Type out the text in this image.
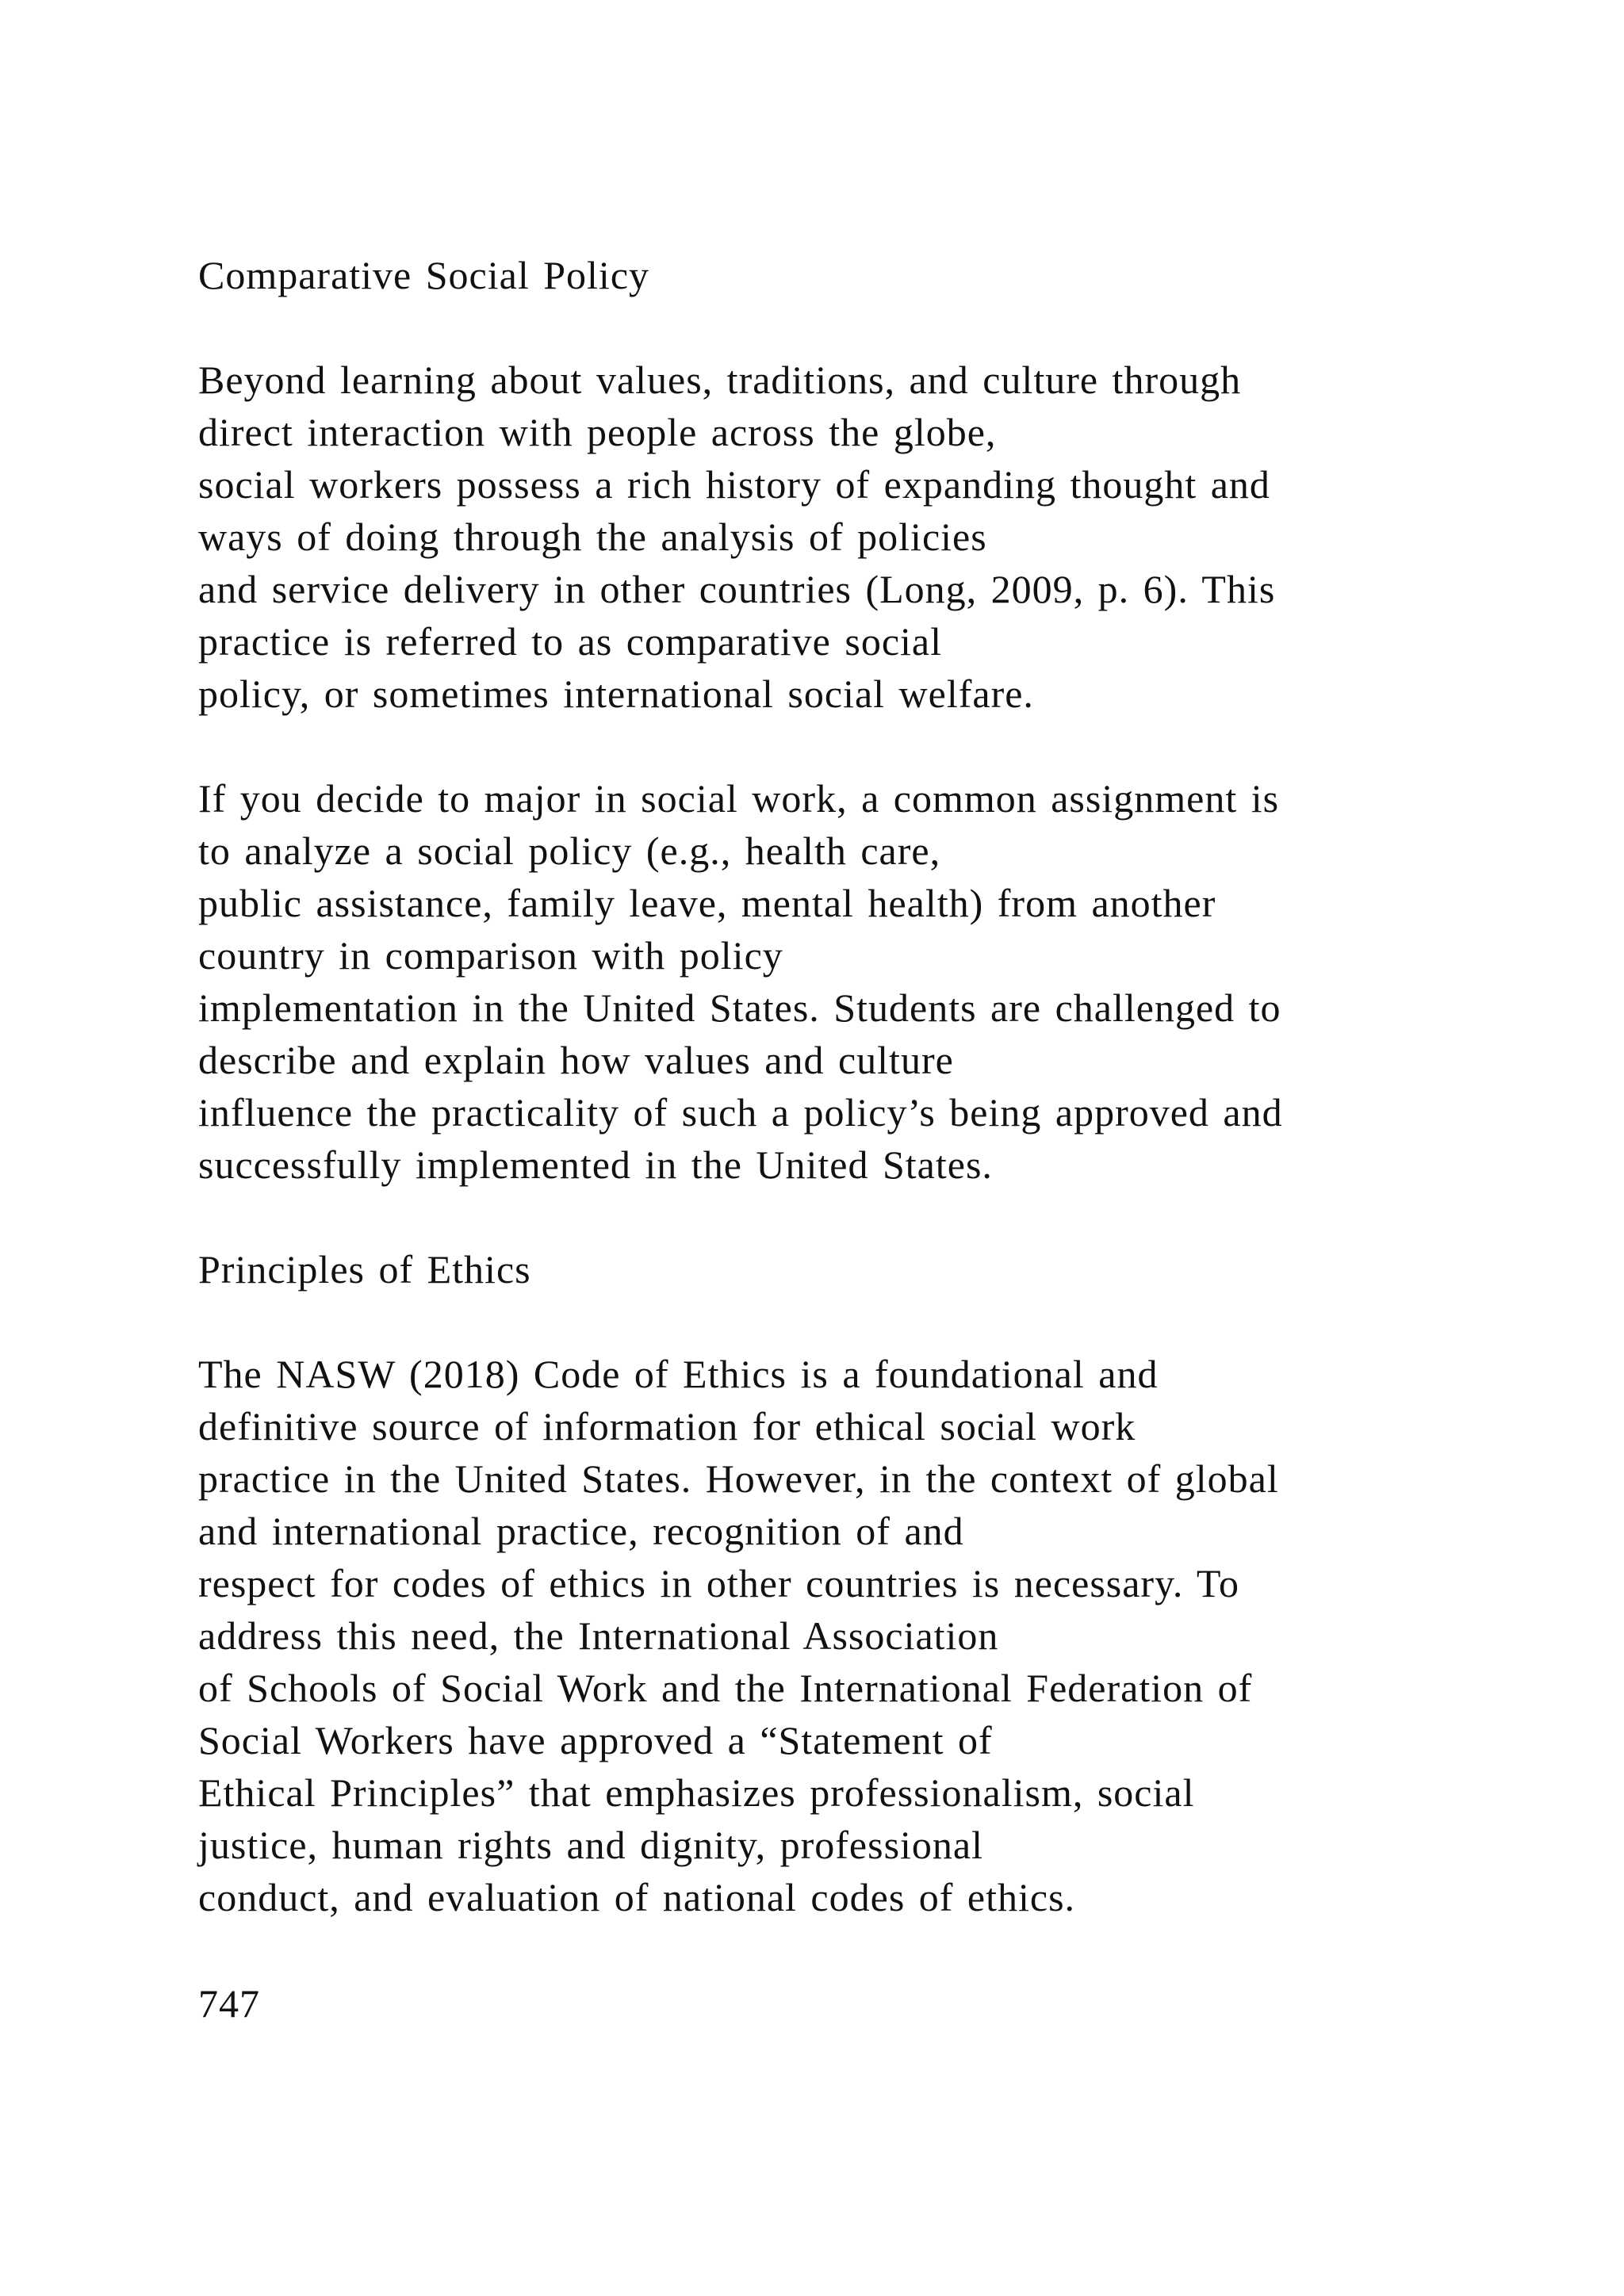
Comparative Social Policy
Beyond learning about values, traditions, and culture through
direct interaction with people across the globe,
social workers possess a rich history of expanding thought and
ways of doing through the analysis of policies
and service delivery in other countries (Long, 2009, p. 6). This
practice is referred to as comparative social
policy, or sometimes international social welfare.
If you decide to major in social work, a common assignment is
to analyze a social policy (e.g., health care,
public assistance, family leave, mental health) from another
country in comparison with policy
implementation in the United States. Students are challenged to
describe and explain how values and culture
influence the practicality of such a policy’s being approved and
successfully implemented in the United States.
Principles of Ethics
The NASW (2018) Code of Ethics is a foundational and
definitive source of information for ethical social work
practice in the United States. However, in the context of global
and international practice, recognition of and
respect for codes of ethics in other countries is necessary. To
address this need, the International Association
of Schools of Social Work and the International Federation of
Social Workers have approved a “Statement of
Ethical Principles” that emphasizes professionalism, social
justice, human rights and dignity, professional
conduct, and evaluation of national codes of ethics.
747
